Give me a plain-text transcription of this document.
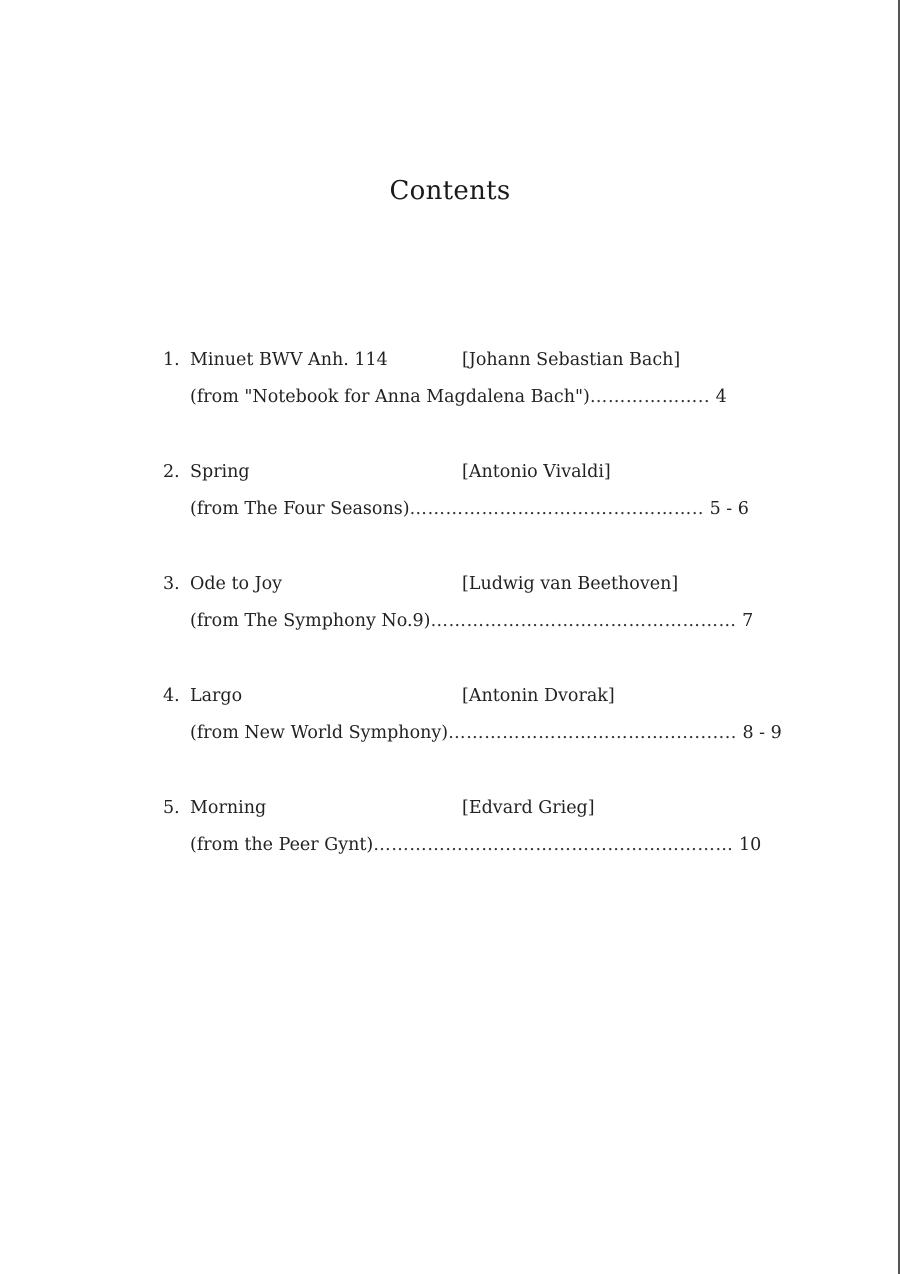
Contents
1. Minuet BWV Anh. 114	[Johann Sebastian Bach]
(from "Notebook for Anna Magdalena Bach")……………….. 4
2. Spring	[Antonio Vivaldi]
(from The Four Seasons)…………………………….....……….. 5 - 6
3. Ode to Joy	[Ludwig van Beethoven]
(from The Symphony No.9)…………………………………………… 7
4. Largo	[Antonin Dvorak]
(from New World Symphony)………………………………............ 8 - 9
5. Morning	[Edvard Grieg]
(from the Peer Gynt)…………………...……………………………… 10
